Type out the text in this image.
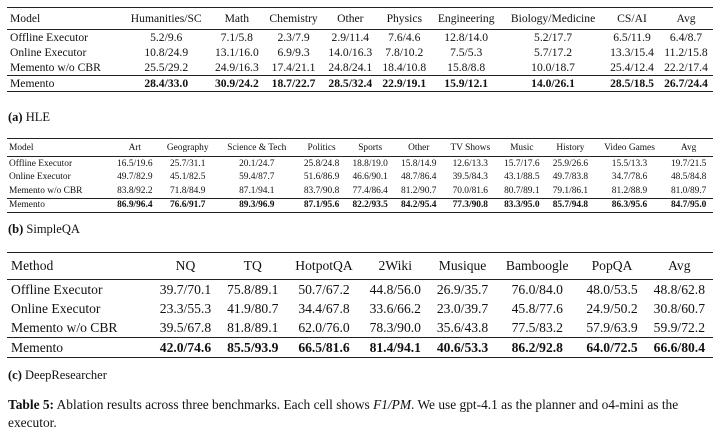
Model	Humanities/SC	Math	Chemistry	Other	Physics	Engineering	Biology/Medicine	CS/AI	Avg
Offline Executor	5.2/9.6	7.1/5.8	2.3/7.9	2.9/11.4	7.6/4.6	12.8/14.0	5.2/17.7	6.5/11.9	6.4/8.7
Online Executor	10.8/24.9	13.1/16.0	6.9/9.3	14.0/16.3	7.8/10.2	7.5/5.3	5.7/17.2	13.3/15.4	11.2/15.8
Memento w/o CBR	25.5/29.2	24.9/16.3	17.4/21.1	24.8/24.1	18.4/10.8	15.8/8.8	10.0/18.7	25.4/12.4	22.2/17.4
Memento	28.4/33.0	30.9/24.2	18.7/22.7	28.5/32.4	22.9/19.1	15.9/12.1	14.0/26.1	28.5/18.5	26.7/24.4
(a) HLE
Model	Art	Geography	Science & Tech	Politics	Sports	Other	TV Shows	Music	History	Video Games	Avg
Offline Executor	16.5/19.6	25.7/31.1	20.1/24.7	25.8/24.8	18.8/19.0	15.8/14.9	12.6/13.3	15.7/17.6	25.9/26.6	15.5/13.3	19.7/21.5
Online Executor	49.7/82.9	45.1/82.5	59.4/87.7	51.6/86.9	46.6/90.1	48.7/86.4	39.5/84.3	43.1/88.5	49.7/83.8	34.7/78.6	48.5/84.8
Memento w/o CBR	83.8/92.2	71.8/84.9	87.1/94.1	83.7/90.8	77.4/86.4	81.2/90.7	70.0/81.6	80.7/89.1	79.1/86.1	81.2/88.9	81.0/89.7
Memento	86.9/96.4	76.6/91.7	89.3/96.9	87.1/95.6	82.2/93.5	84.2/95.4	77.3/90.8	83.3/95.0	85.7/94.8	86.3/95.6	84.7/95.0
(b) SimpleQA
Method	NQ	TQ	HotpotQA	2Wiki	Musique	Bamboogle	PopQA	Avg
Offline Executor	39.7/70.1	75.8/89.1	50.7/67.2	44.8/56.0	26.9/35.7	76.0/84.0	48.0/53.5	48.8/62.8
Online Executor	23.3/55.3	41.9/80.7	34.4/67.8	33.6/66.2	23.0/39.7	45.8/77.6	24.9/50.2	30.8/60.7
Memento w/o CBR	39.5/67.8	81.8/89.1	62.0/76.0	78.3/90.0	35.6/43.8	77.5/83.2	57.9/63.9	59.9/72.2
Memento	42.0/74.6	85.5/93.9	66.5/81.6	81.4/94.1	40.6/53.3	86.2/92.8	64.0/72.5	66.6/80.4
(c) DeepResearcher
Table 5: Ablation results across three benchmarks. Each cell shows F1/PM. We use gpt-4.1 as the planner and o4-mini as the executor.
